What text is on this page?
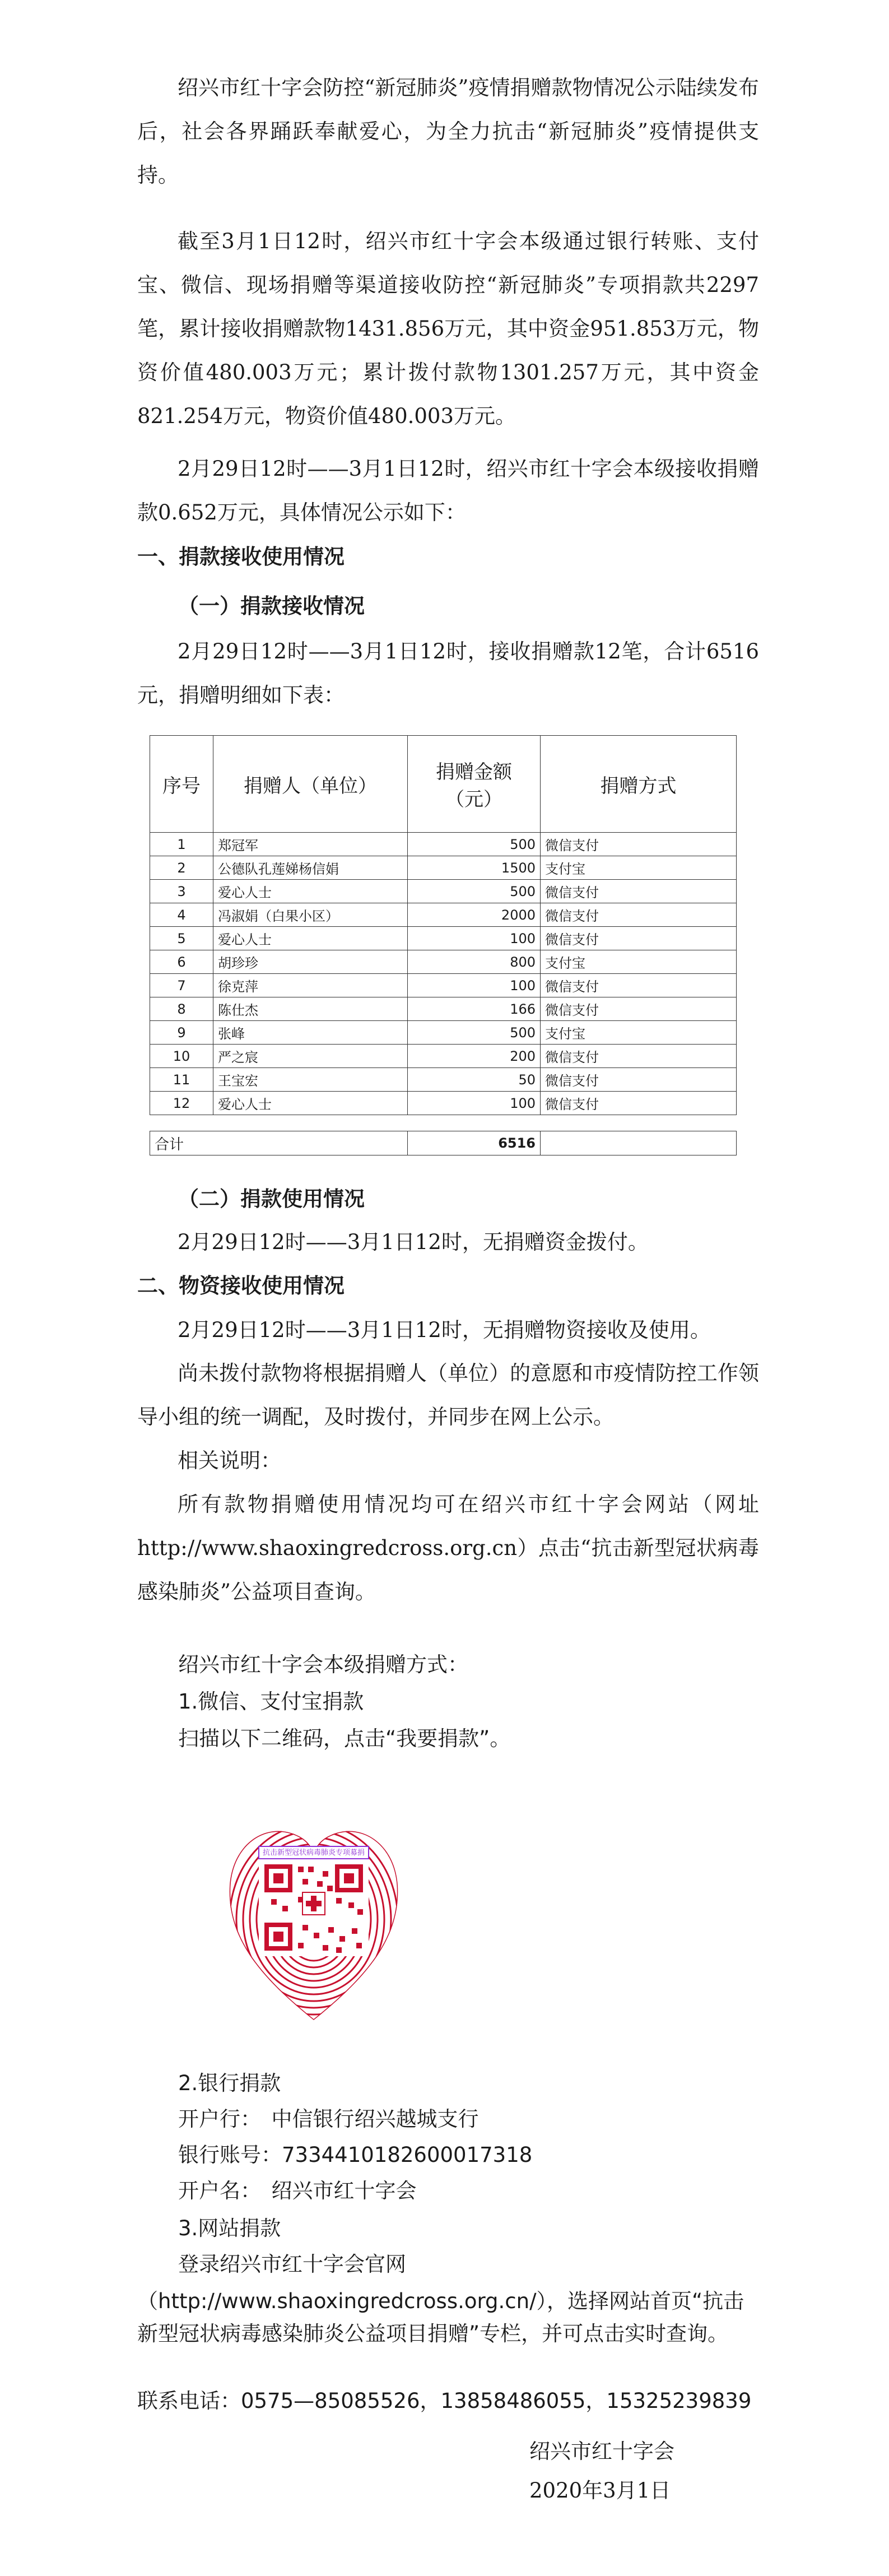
绍兴市红十字会防控“新冠肺炎”疫情捐赠款物情况公示陆续发布后，社会各界踊跃奉献爱心，为全力抗击“新冠肺炎”疫情提供支持。

截至3月1日12时，绍兴市红十字会本级通过银行转账、支付宝、微信、现场捐赠等渠道接收防控“新冠肺炎”专项捐款共2297笔，累计接收捐赠款物1431.856万元，其中资金951.853万元，物资价值480.003万元；累计拨付款物1301.257万元，其中资金821.254万元，物资价值480.003万元。

2月29日12时——3月1日12时，绍兴市红十字会本级接收捐赠款0.652万元，具体情况公示如下：

一、捐款接收使用情况
（一）捐款接收情况

2月29日12时——3月1日12时，接收捐赠款12笔，合计6516元，捐赠明细如下表：

序号	捐赠人（单位）	捐赠金额（元）	捐赠方式
1	郑冠军	500	微信支付
2	公德队孔莲娣杨信娟	1500	支付宝
3	爱心人士	500	微信支付
4	冯淑娟（白果小区）	2000	微信支付
5	爱心人士	100	微信支付
6	胡珍珍	800	支付宝
7	徐克萍	100	微信支付
8	陈仕杰	166	微信支付
9	张峰	500	支付宝
10	严之宸	200	微信支付
11	王宝宏	50	微信支付
12	爱心人士	100	微信支付

合计		6516	
（二）捐款使用情况

2月29日12时——3月1日12时，无捐赠资金拨付。

二、物资接收使用情况

2月29日12时——3月1日12时，无捐赠物资接收及使用。

尚未拨付款物将根据捐赠人（单位）的意愿和市疫情防控工作领导小组的统一调配，及时拨付，并同步在网上公示。

相关说明：

所有款物捐赠使用情况均可在绍兴市红十字会网站（网址http://www.shaoxingredcross.org.cn）点击“抗击新型冠状病毒感染肺炎”公益项目查询。

绍兴市红十字会本级捐赠方式：

1.微信、支付宝捐款

扫描以下二维码，点击“我要捐款”。

抗击新型冠状病毒肺炎专项募捐

2.银行捐款

开户行：　中信银行绍兴越城支行

银行账号：7334410182600017318

开户名：　绍兴市红十字会

3.网站捐款

登录绍兴市红十字会官网

（http://www.shaoxingredcross.org.cn/），选择网站首页“抗击新型冠状病毒感染肺炎公益项目捐赠”专栏，并可点击实时查询。

联系电话：0575—85085526，13858486055，15325239839

绍兴市红十字会

2020年3月1日
